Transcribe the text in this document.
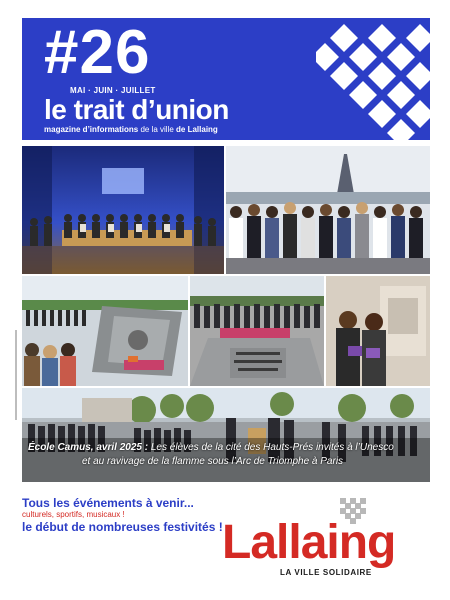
#26
MAI · JUIN · JUILLET
le trait d’union
magazine d’informations de la ville de Lallaing
École Camus, avril 2025 : Les élèves de la cité des Hauts-Prés invités à l’Unesco
et au ravivage de la flamme sous l’Arc de Triomphe à Paris
Tous les événements à venir...
culturels, sportifs, musicaux !
le début de nombreuses festivités ! Lallaing
LA VILLE SOLIDAIRE
